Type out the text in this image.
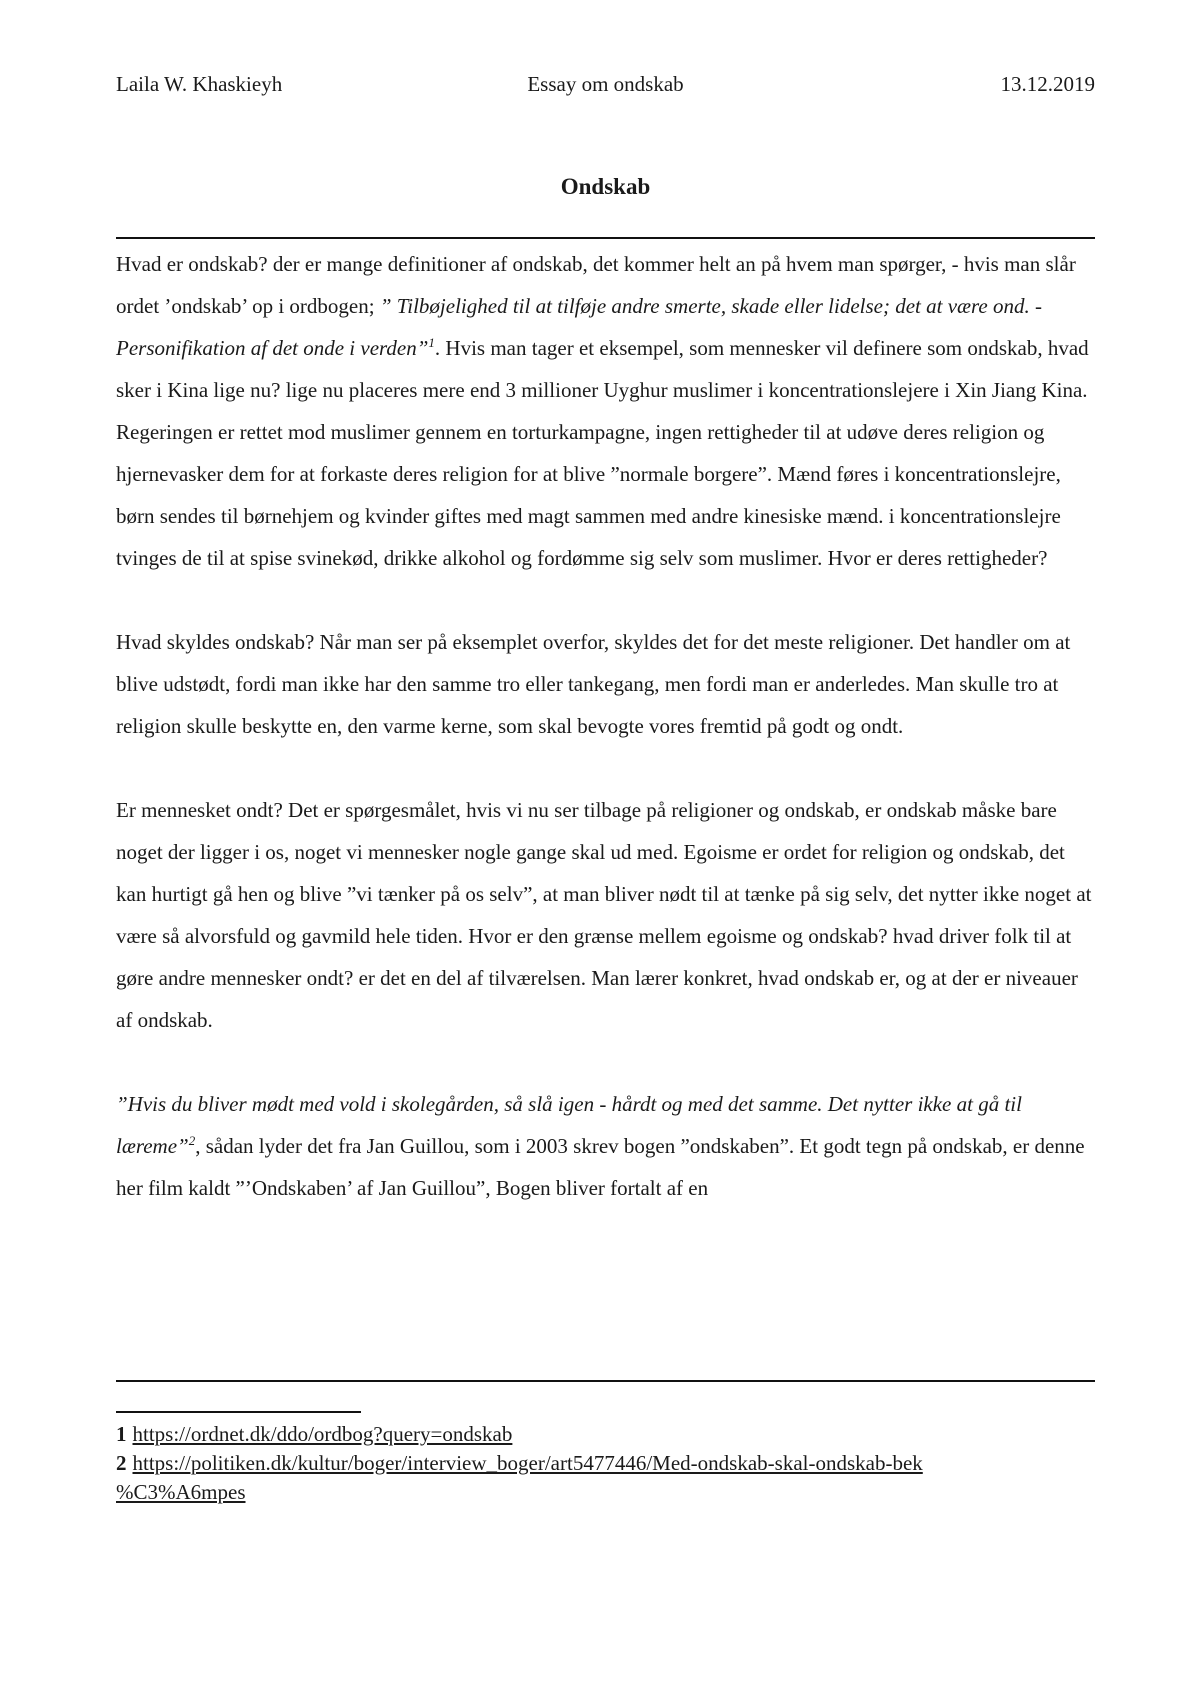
Laila W. Khaskieyh	Essay om ondskab	13.12.2019
Ondskab

Hvad er ondskab? der er mange definitioner af ondskab, det kommer helt an på hvem man spørger, - hvis man slår ordet ’ondskab’ op i ordbogen; ” Tilbøjelighed til at tilføje andre smerte, skade eller lidelse; det at være ond. - Personifikation af det onde i verden”$^1$. Hvis man tager et eksempel, som mennesker vil definere som ondskab, hvad sker i Kina lige nu? lige nu placeres mere end 3 millioner Uyghur muslimer i koncentrationslejere i Xin Jiang Kina. Regeringen er rettet mod muslimer gennem en torturkampagne, ingen rettigheder til at udøve deres religion og hjernevasker dem for at forkaste deres religion for at blive ”normale borgere”. Mænd føres i koncentrationslejre, børn sendes til børnehjem og kvinder giftes med magt sammen med andre kinesiske mænd. i koncentrationslejre tvinges de til at spise svinekød, drikke alkohol og fordømme sig selv som muslimer. Hvor er deres rettigheder?

Hvad skyldes ondskab? Når man ser på eksemplet overfor, skyldes det for det meste religioner. Det handler om at blive udstødt, fordi man ikke har den samme tro eller tankegang, men fordi man er anderledes. Man skulle tro at religion skulle beskytte en, den varme kerne, som skal bevogte vores fremtid på godt og ondt.

Er mennesket ondt? Det er spørgesmålet, hvis vi nu ser tilbage på religioner og ondskab, er ondskab måske bare noget der ligger i os, noget vi mennesker nogle gange skal ud med. Egoisme er ordet for religion og ondskab, det kan hurtigt gå hen og blive ”vi tænker på os selv”, at man bliver nødt til at tænke på sig selv, det nytter ikke noget at være så alvorsfuld og gavmild hele tiden. Hvor er den grænse mellem egoisme og ondskab? hvad driver folk til at gøre andre mennesker ondt? er det en del af tilværelsen. Man lærer konkret, hvad ondskab er, og at der er niveauer af ondskab.

”Hvis du bliver mødt med vold i skolegården, så slå igen - hårdt og med det samme. Det nytter ikke at gå til læreme”$^2$, sådan lyder det fra Jan Guillou, som i 2003 skrev bogen ”ondskaben”. Et godt tegn på ondskab, er denne her film kaldt ”’Ondskaben’ af Jan Guillou”, Bogen bliver fortalt af en

1 https://ordnet.dk/ddo/ordbog?query=ondskab
2 https://politiken.dk/kultur/boger/interview_boger/art5477446/Med-ondskab-skal-ondskab-bek
%C3%A6mpes
